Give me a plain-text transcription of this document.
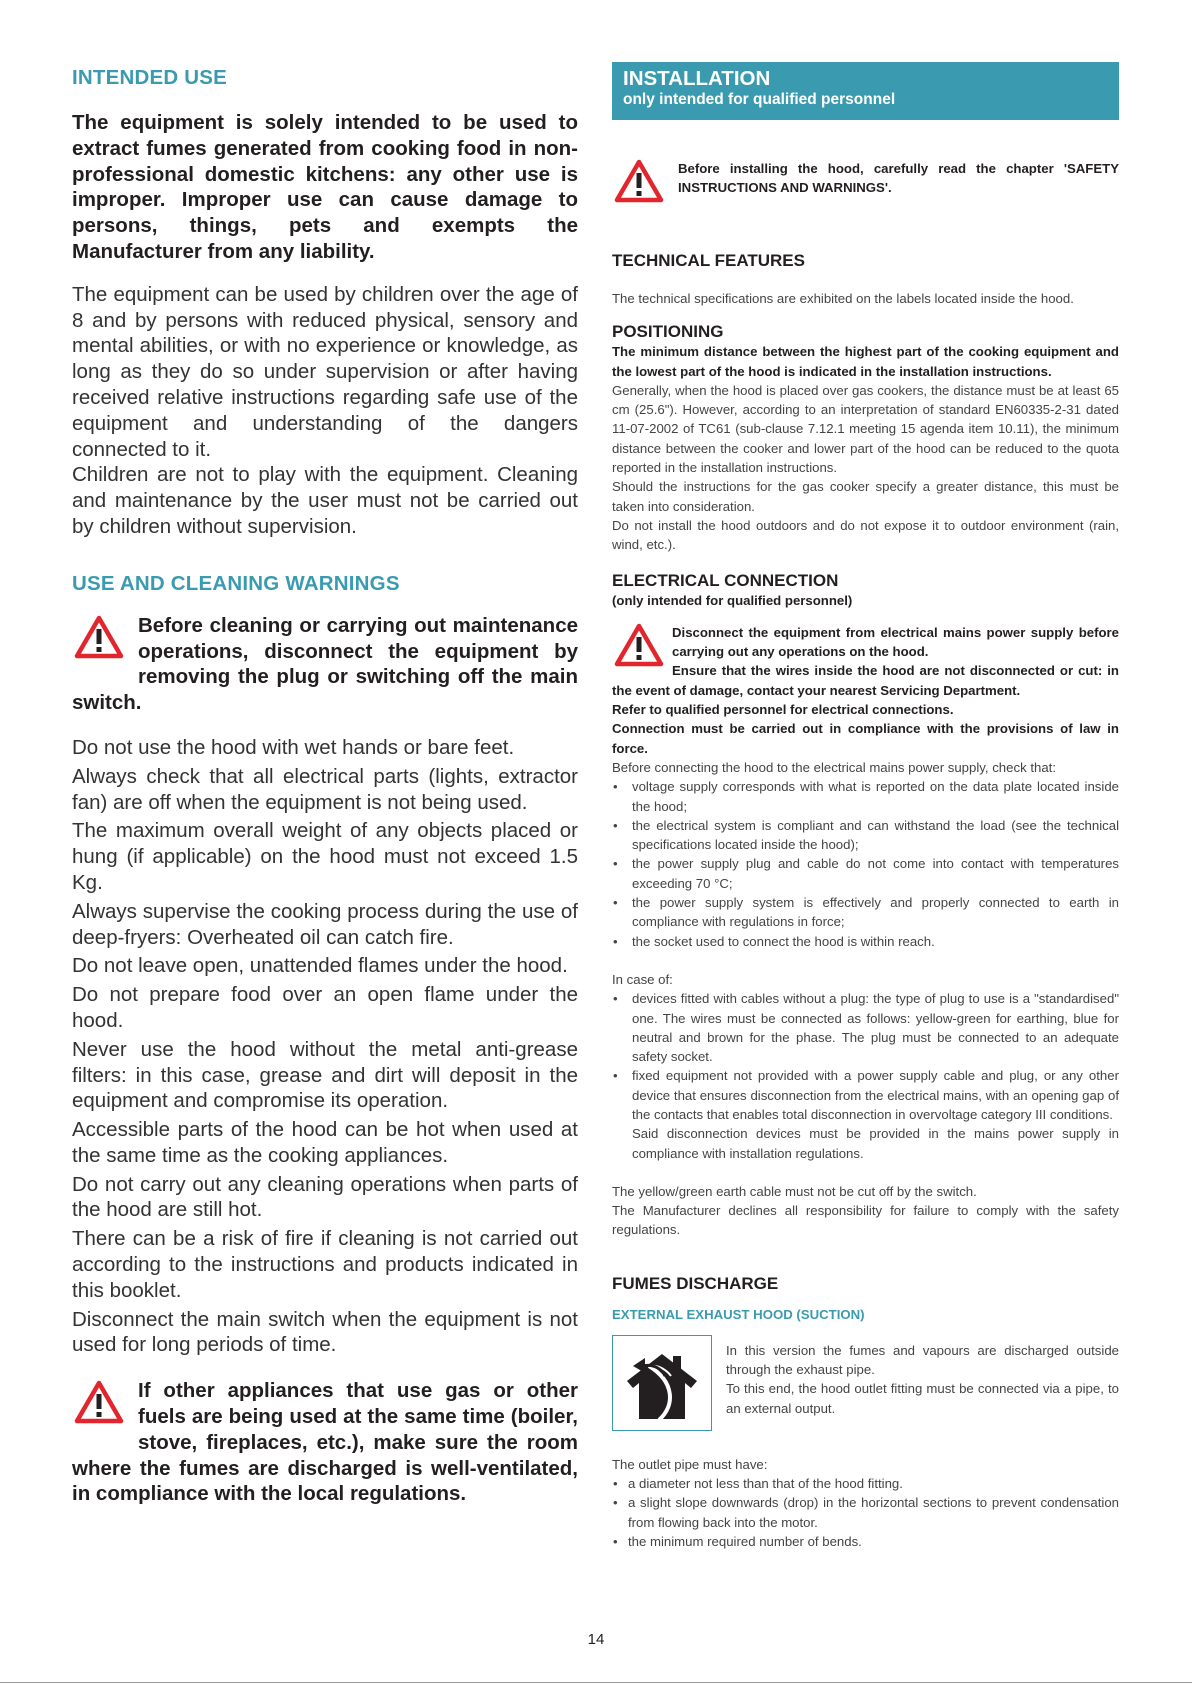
INTENDED USE

The equipment is solely intended to be used to extract fumes generated from cooking food in non-professional domestic kitchens: any other use is improper. Improper use can cause damage to persons, things, pets and exempts the Manufacturer from any liability.

The equipment can be used by children over the age of 8 and by persons with reduced physical, sensory and mental abilities, or with no experience or knowledge, as long as they do so under supervision or after having received relative instructions regarding safe use of the equipment and understanding of the dangers connected to it.

Children are not to play with the equipment. Cleaning and maintenance by the user must not be carried out by children without supervision.

USE AND CLEANING WARNINGS
Before cleaning or carrying out maintenance operations, disconnect the equipment by removing the plug or switching off the main switch.

Do not use the hood with wet hands or bare feet.

Always check that all electrical parts (lights, extractor fan) are off when the equipment is not being used.

The maximum overall weight of any objects placed or hung (if applicable) on the hood must not exceed 1.5 Kg.

Always supervise the cooking process during the use of deep-fryers: Overheated oil can catch fire.

Do not leave open, unattended flames under the hood.

Do not prepare food over an open flame under the hood.

Never use the hood without the metal anti-grease filters: in this case, grease and dirt will deposit in the equipment and compromise its operation.

Accessible parts of the hood can be hot when used at the same time as the cooking appliances.

Do not carry out any cleaning operations when parts of the hood are still hot.

There can be a risk of fire if cleaning is not carried out according to the instructions and products indicated in this booklet.

Disconnect the main switch when the equipment is not used for long periods of time.

If other appliances that use gas or other fuels are being used at the same time (boiler, stove, fireplaces, etc.), make sure the room where the fumes are discharged is well-ventilated, in compliance with the local regulations.
INSTALLATION
only intended for qualified personnel
Before installing the hood, carefully read the chapter 'SAFETY INSTRUCTIONS AND WARNINGS'.
TECHNICAL FEATURES
The technical specifications are exhibited on the labels located inside the hood.
POSITIONING
The minimum distance between the highest part of the cooking equipment and the lowest part of the hood is indicated in the installation instructions.
Generally, when the hood is placed over gas cookers, the distance must be at least 65 cm (25.6"). However, according to an interpretation of standard EN60335-2-31 dated 11-07-2002 of TC61 (sub-clause 7.12.1 meeting 15 agenda item 10.11), the minimum distance between the cooker and lower part of the hood can be reduced to the quota reported in the installation instructions.
Should the instructions for the gas cooker specify a greater distance, this must be taken into consideration.
Do not install the hood outdoors and do not expose it to outdoor environment (rain, wind, etc.).
ELECTRICAL CONNECTION
(only intended for qualified personnel)
Disconnect the equipment from electrical mains power supply before carrying out any operations on the hood.
Ensure that the wires inside the hood are not disconnected or cut: in the event of damage, contact your nearest Servicing Department.
Refer to qualified personnel for electrical connections.
Connection must be carried out in compliance with the provisions of law in force.
Before connecting the hood to the electrical mains power supply, check that:
• voltage supply corresponds with what is reported on the data plate located inside the hood;
• the electrical system is compliant and can withstand the load (see the technical specifications located inside the hood);
• the power supply plug and cable do not come into contact with temperatures exceeding 70 °C;
• the power supply system is effectively and properly connected to earth in compliance with regulations in force;
• the socket used to connect the hood is within reach.
In case of:
• devices fitted with cables without a plug: the type of plug to use is a "standardised" one. The wires must be connected as follows: yellow-green for earthing, blue for neutral and brown for the phase. The plug must be connected to an adequate safety socket.
• fixed equipment not provided with a power supply cable and plug, or any other device that ensures disconnection from the electrical mains, with an opening gap of the contacts that enables total disconnection in overvoltage category III conditions.
Said disconnection devices must be provided in the mains power supply in compliance with installation regulations.
The yellow/green earth cable must not be cut off by the switch.
The Manufacturer declines all responsibility for failure to comply with the safety regulations.
FUMES DISCHARGE
EXTERNAL EXHAUST HOOD (SUCTION)
In this version the fumes and vapours are discharged outside through the exhaust pipe.
To this end, the hood outlet fitting must be connected via a pipe, to an external output.
The outlet pipe must have:
• a diameter not less than that of the hood fitting.
• a slight slope downwards (drop) in the horizontal sections to prevent condensation from flowing back into the motor.
• the minimum required number of bends.
14
